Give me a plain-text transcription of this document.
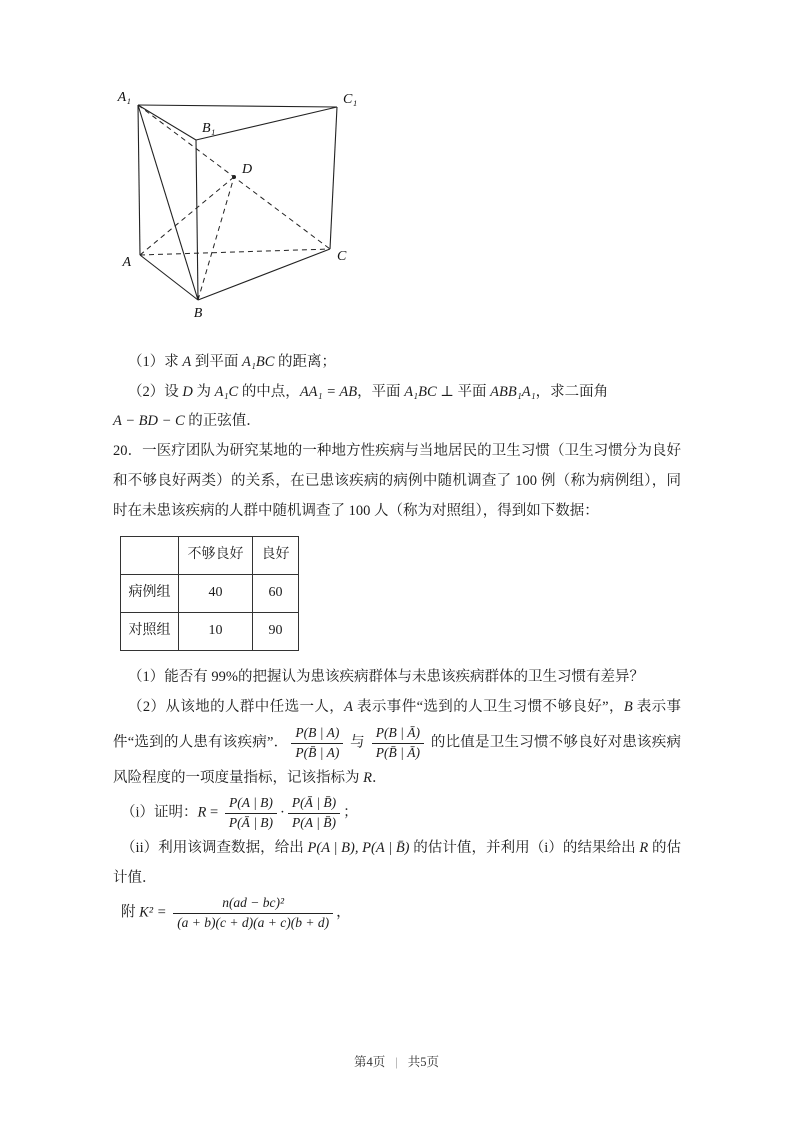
A₁	C₁
B₁
D
A	C
B

（1）求 A 到平面 A₁BC 的距离；

（2）设 D 为 A₁C 的中点，AA₁ = AB，平面 A₁BC ⊥ 平面 ABB₁A₁，求二面角

A − BD − C 的正弦值．

20．一医疗团队为研究某地的一种地方性疾病与当地居民的卫生习惯（卫生习惯分为良好和不够良好两类）的关系，在已患该疾病的病例中随机调查了 100 例（称为病例组），同时在未患该疾病的人群中随机调查了 100 人（称为对照组），得到如下数据：

	不够良好	良好
病例组	40	60
对照组	10	90

（1）能否有 99%的把握认为患该疾病群体与未患该疾病群体的卫生习惯有差异？

（2）从该地的人群中任选一人，A 表示事件“选到的人卫生习惯不够良好”，B 表示事件“选到的人患有该疾病”． $\frac{P(B | A)}{P(B̄ | A)}$ 与 $\frac{P(B | Ā)}{P(B̄ | Ā)}$ 的比值是卫生习惯不够良好对患该疾病风险程度的一项度量指标，记该指标为 R．

（i）证明：$R = \frac{P(A | B)}{P(Ā | B)} \cdot \frac{P(Ā | B̄)}{P(A | B̄)}$ ；

（ii）利用该调查数据，给出 P(A | B), P(A | B̄) 的估计值，并利用（i）的结果给出 R 的估计值．

附 $K^2 = \frac{\text{n(ad − bc)²}}{(a + b)(c + d)(a + c)(b + d)}$ ，

第4页 | 共5页
